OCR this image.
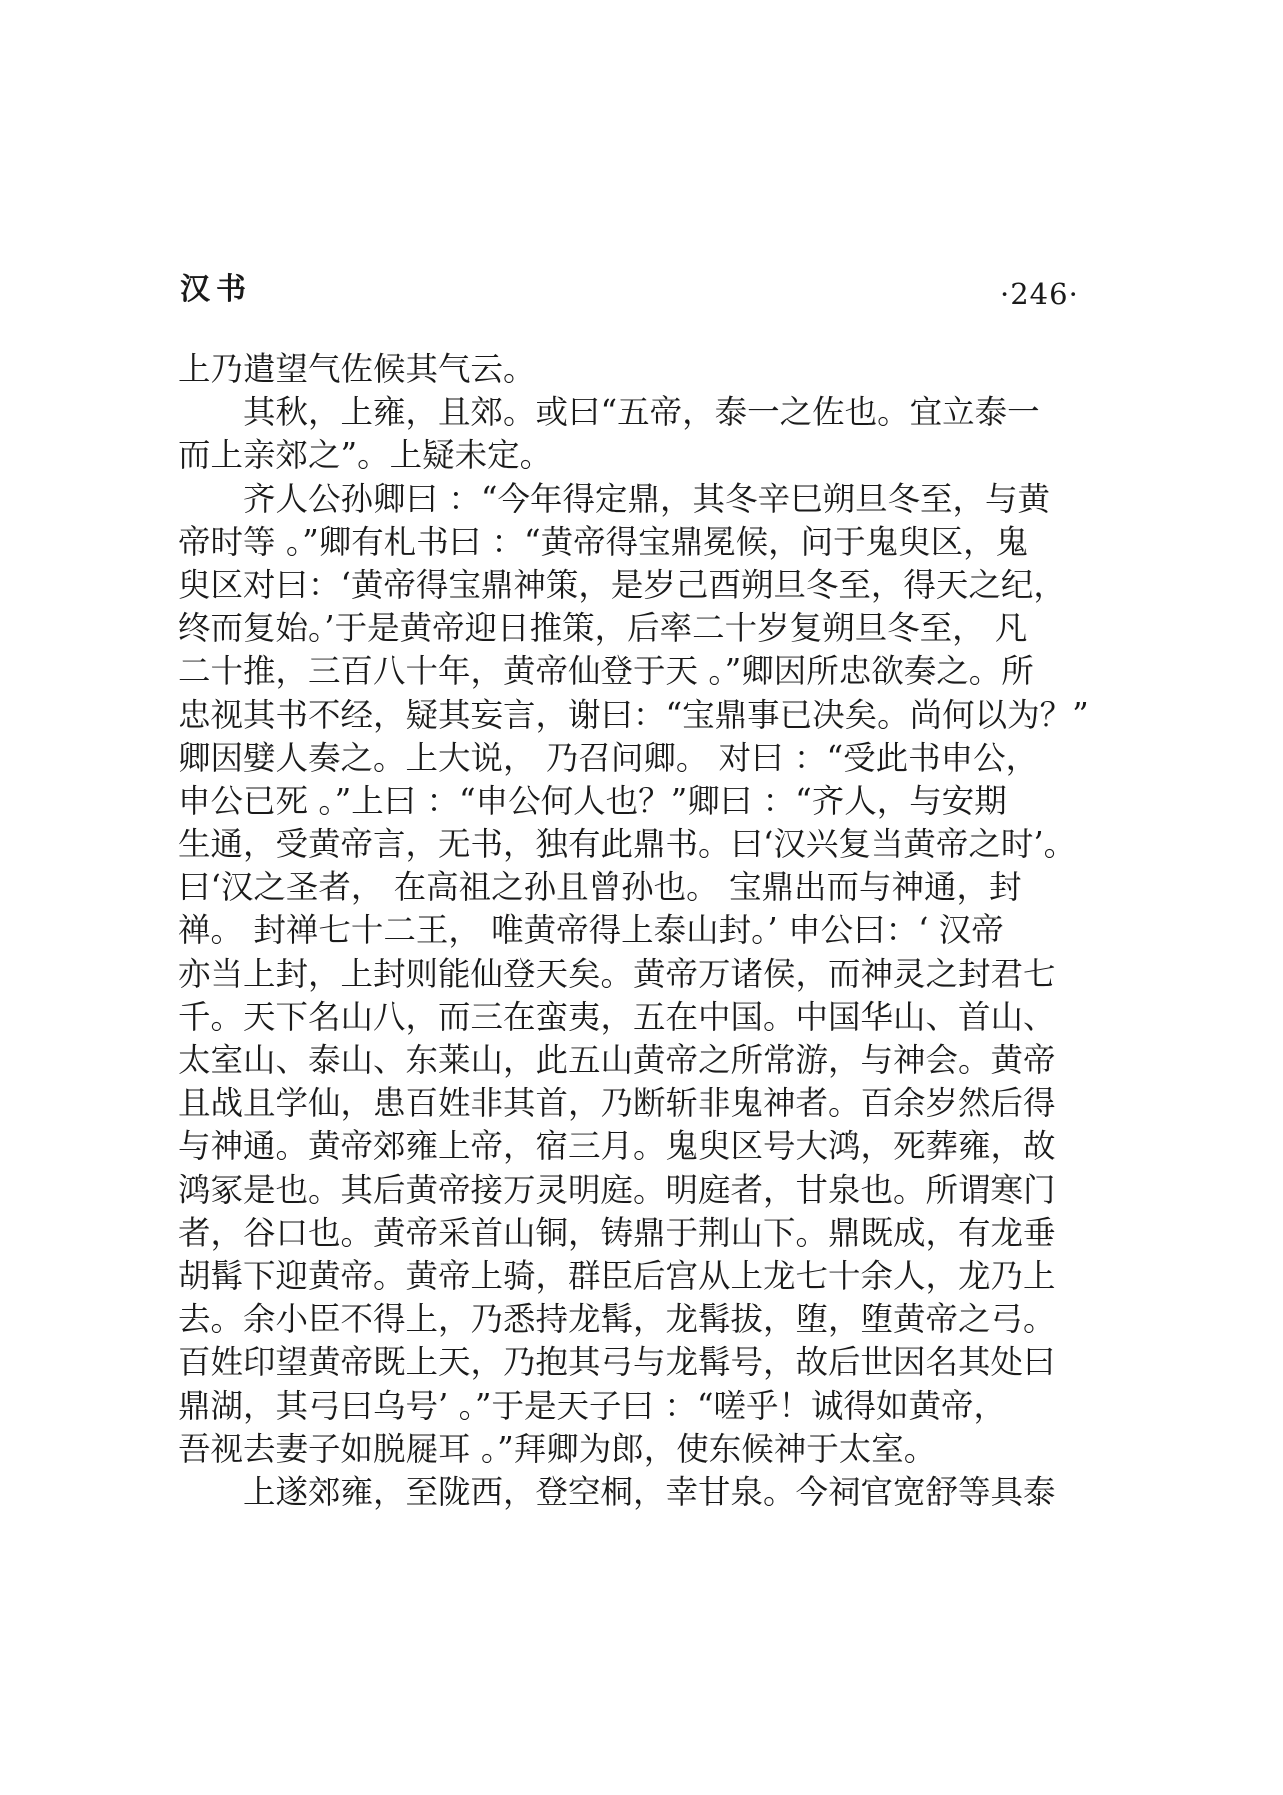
汉书	·246·
上乃遣望气佐候其气云。
　　其秋，上雍，且郊。或曰“五帝，泰一之佐也。宜立泰一
而上亲郊之”。上疑未定。
　　齐人公孙卿曰 ：“今年得定鼎，其冬辛巳朔旦冬至，与黄
帝时等 。”卿有札书曰 ：“黄帝得宝鼎冕候，问于鬼臾区，鬼
臾区对曰：‘黄帝得宝鼎神策，是岁己酉朔旦冬至，得天之纪，
终而复始。’于是黄帝迎日推策，后率二十岁复朔旦冬至， 凡
二十推，三百八十年，黄帝仙登于天 。”卿因所忠欲奏之。所
忠视其书不经，疑其妄言，谢曰：“宝鼎事已决矣。尚何以为？”
卿因嬖人奏之。上大说， 乃召问卿。 对曰 ：“受此书申公，
申公已死 。”上曰 ：“申公何人也？”卿曰 ：“齐人，与安期
生通，受黄帝言，无书，独有此鼎书。曰‘汉兴复当黄帝之时’。
曰‘汉之圣者， 在高祖之孙且曾孙也。 宝鼎出而与神通，封
禅。 封禅七十二王， 唯黄帝得上泰山封。’ 申公曰：‘ 汉帝
亦当上封，上封则能仙登天矣。黄帝万诸侯，而神灵之封君七
千。天下名山八，而三在蛮夷，五在中国。中国华山、首山、
太室山、泰山、东莱山，此五山黄帝之所常游，与神会。黄帝
且战且学仙，患百姓非其首，乃断斩非鬼神者。百余岁然后得
与神通。黄帝郊雍上帝，宿三月。鬼臾区号大鸿，死葬雍，故
鸿冢是也。其后黄帝接万灵明庭。明庭者，甘泉也。所谓寒门
者，谷口也。黄帝采首山铜，铸鼎于荆山下。鼎既成，有龙垂
胡髯下迎黄帝。黄帝上骑，群臣后宫从上龙七十余人，龙乃上
去。余小臣不得上，乃悉持龙髯，龙髯拔，堕，堕黄帝之弓。
百姓印望黄帝既上天，乃抱其弓与龙髯号，故后世因名其处曰
鼎湖，其弓曰乌号’ 。”于是天子曰 ：“嗟乎！诚得如黄帝，
吾视去妻子如脱屣耳 。”拜卿为郎，使东候神于太室。
　　上遂郊雍，至陇西，登空桐，幸甘泉。今祠官宽舒等具泰
